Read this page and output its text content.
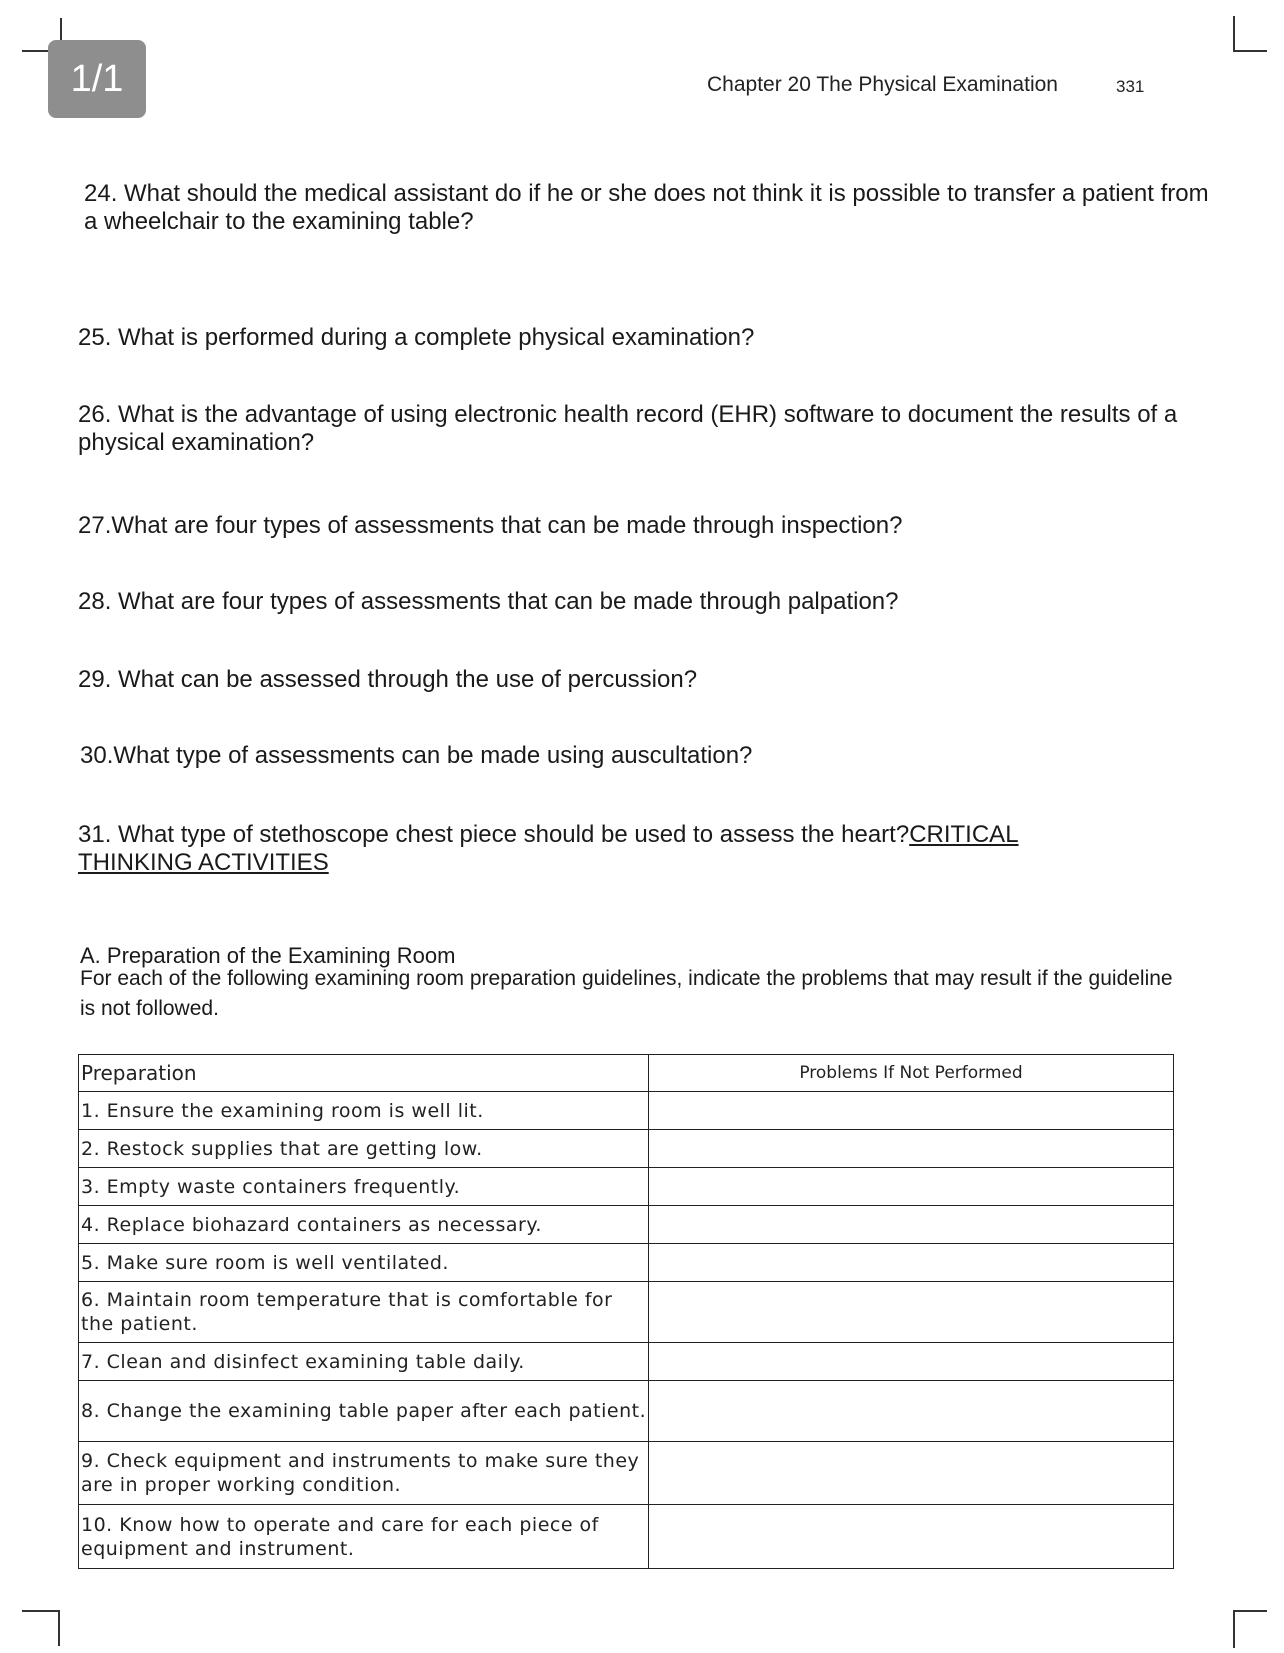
1/1	Chapter 20 The Physical Examination	331
24. What should the medical assistant do if he or she does not think it is possible to transfer a patient from a wheelchair to the examining table?
25. What is performed during a complete physical examination?
26. What is the advantage of using electronic health record (EHR) software to document the results of a physical examination?
27.What are four types of assessments that can be made through inspection?
28. What are four types of assessments that can be made through palpation?
29. What can be assessed through the use of percussion?
30.What type of assessments can be made using auscultation?
31. What type of stethoscope chest piece should be used to assess the heart?CRITICAL THINKING ACTIVITIES
A. Preparation of the Examining Room
For each of the following examining room preparation guidelines, indicate the problems that may result if the guideline is not followed.
Preparation	Problems If Not Performed
1. Ensure the examining room is well lit.	
2. Restock supplies that are getting low.	
3. Empty waste containers frequently.	
4. Replace biohazard containers as necessary.	
5. Make sure room is well ventilated.	
6. Maintain room temperature that is comfortable for the patient.	
7. Clean and disinfect examining table daily.	
8. Change the examining table paper after each patient.	
9. Check equipment and instruments to make sure they are in proper working condition.	
10. Know how to operate and care for each piece of equipment and instrument.	
